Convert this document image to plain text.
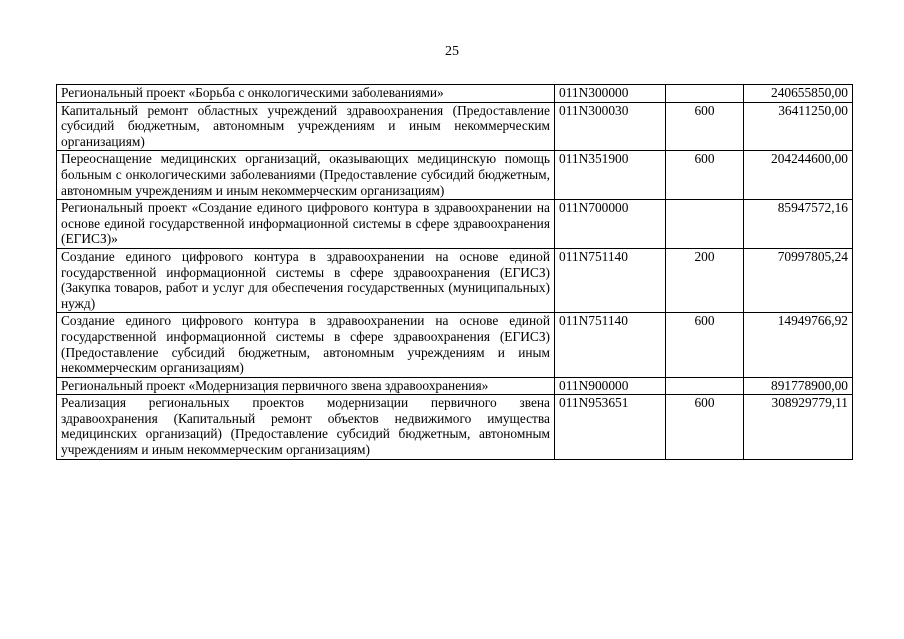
25
Региональный проект «Борьба с онкологическими заболеваниями»	011N300000		240655850,00
Капитальный ремонт областных учреждений здравоохранения (Предоставление субсидий бюджетным, автономным учреждениям и иным некоммерческим организациям)	011N300030	600	36411250,00
Переоснащение медицинских организаций, оказывающих медицинскую помощь больным с онкологическими заболеваниями (Предоставление субсидий бюджетным, автономным учреждениям и иным некоммерческим организациям)	011N351900	600	204244600,00
Региональный проект «Создание единого цифрового контура в здравоохранении на основе единой государственной информационной системы в сфере здравоохранения (ЕГИСЗ)»	011N700000		85947572,16
Создание единого цифрового контура в здравоохранении на основе единой государственной информационной системы в сфере здравоохранения (ЕГИСЗ) (Закупка товаров, работ и услуг для обеспечения государственных (муниципальных) нужд)	011N751140	200	70997805,24
Создание единого цифрового контура в здравоохранении на основе единой государственной информационной системы в сфере здравоохранения (ЕГИСЗ) (Предоставление субсидий бюджетным, автономным учреждениям и иным некоммерческим организациям)	011N751140	600	14949766,92
Региональный проект «Модернизация первичного звена здравоохранения»	011N900000		891778900,00
Реализация региональных проектов модернизации первичного звена здравоохранения (Капитальный ремонт объектов недвижимого имущества медицинских организаций) (Предоставление субсидий бюджетным, автономным учреждениям и иным некоммерческим организациям)	011N953651	600	308929779,11
